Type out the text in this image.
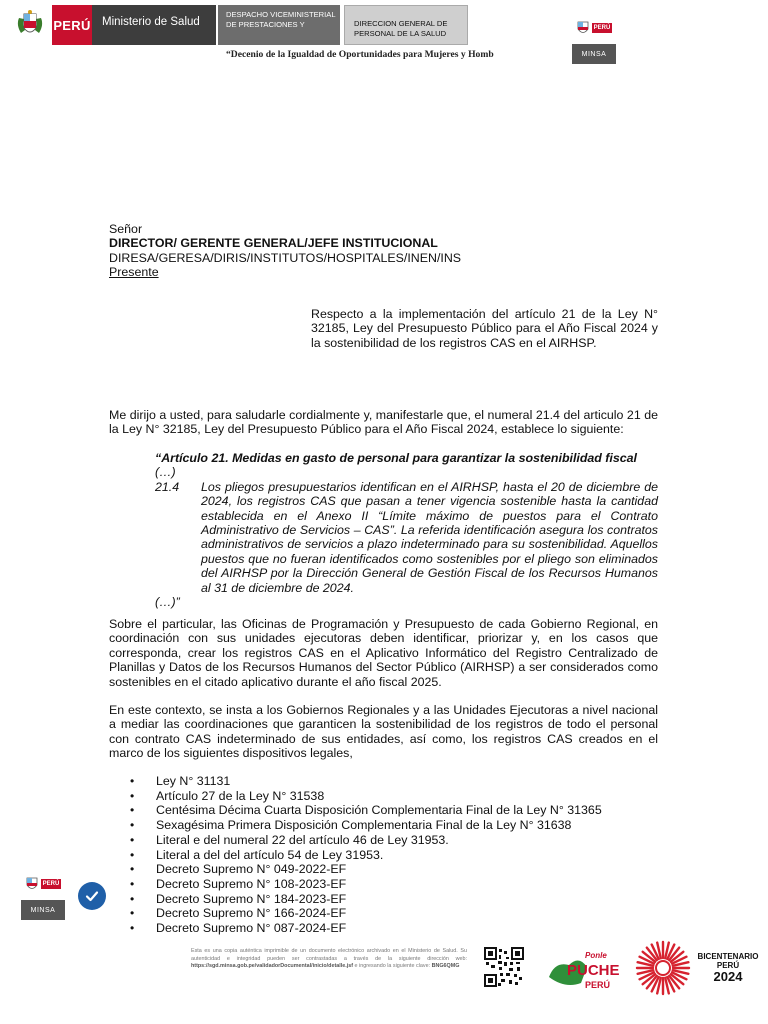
PERÚ Ministerio de Salud
DESPACHO VICEMINISTERIAL DE PRESTACIONES Y	DIRECCION GENERAL DE PERSONAL DE LA SALUD
“Decenio de la Igualdad de Oportunidades para Mujeres y Homb
PERÚ
MINSA
Señor
DIRECTOR/ GERENTE GENERAL/JEFE INSTITUCIONAL
DIRESA/GERESA/DIRIS/INSTITUTOS/HOSPITALES/INEN/INS
Presente
Respecto a la implementación del artículo 21 de la Ley N° 32185, Ley del Presupuesto Público para el Año Fiscal 2024 y la sostenibilidad de los registros CAS en el AIRHSP.
Me dirijo a usted, para saludarle cordialmente y, manifestarle que, el numeral 21.4 del articulo 21 de la Ley N° 32185, Ley del Presupuesto Público para el Año Fiscal 2024, establece lo siguiente:
“Artículo 21. Medidas en gasto de personal para garantizar la sostenibilidad fiscal
(…)
21.4	Los pliegos presupuestarios identifican en el AIRHSP, hasta el 20 de diciembre de 2024, los registros CAS que pasan a tener vigencia sostenible hasta la cantidad establecida en el Anexo II “Límite máximo de puestos para el Contrato Administrativo de Servicios – CAS”. La referida identificación asegura los contratos administrativos de servicios a plazo indeterminado para su sostenibilidad. Aquellos puestos que no fueran identificados como sostenibles por el pliego son eliminados del AIRHSP por la Dirección General de Gestión Fiscal de los Recursos Humanos al 31 de diciembre de 2024.
(…)”
Sobre el particular, las Oficinas de Programación y Presupuesto de cada Gobierno Regional, en coordinación con sus unidades ejecutoras deben identificar, priorizar y, en los casos que corresponda, crear los registros CAS en el Aplicativo Informático del Registro Centralizado de Planillas y Datos de los Recursos Humanos del Sector Público (AIRHSP) a ser considerados como sostenibles en el citado aplicativo durante el año fiscal 2025.
En este contexto, se insta a los Gobiernos Regionales y a las Unidades Ejecutoras a nivel nacional a mediar las coordinaciones que garanticen la sostenibilidad de los registros de todo el personal con contrato CAS indeterminado de sus entidades, así como, los registros CAS creados en el marco de los siguientes dispositivos legales,
• Ley N° 31131
• Artículo 27 de la Ley N° 31538
• Centésima Décima Cuarta Disposición Complementaria Final de la Ley N° 31365
• Sexagésima Primera Disposición Complementaria Final de la Ley N° 31638
• Literal e del numeral 22 del artículo 46 de Ley 31953.
• Literal a del del artículo 54 de Ley 31953.
• Decreto Supremo N° 049-2022-EF
• Decreto Supremo N° 108-2023-EF
• Decreto Supremo N° 184-2023-EF
• Decreto Supremo N° 166-2024-EF
• Decreto Supremo N° 087-2024-EF
PERÚ
MINSA
Esta es una copia auténtica imprimible de un documento electrónico archivado en el Ministerio de Salud. Su autenticidad e integridad pueden ser contrastadas a través de la siguiente dirección web: https://sgd.minsa.gob.pe/validadorDocumental/inicio/detalle.jsf e ingresando la siguiente clave: BNG6QMG
Ponle
PUCHE
PERÚ
BICENTENARIO
PERÚ
2024
